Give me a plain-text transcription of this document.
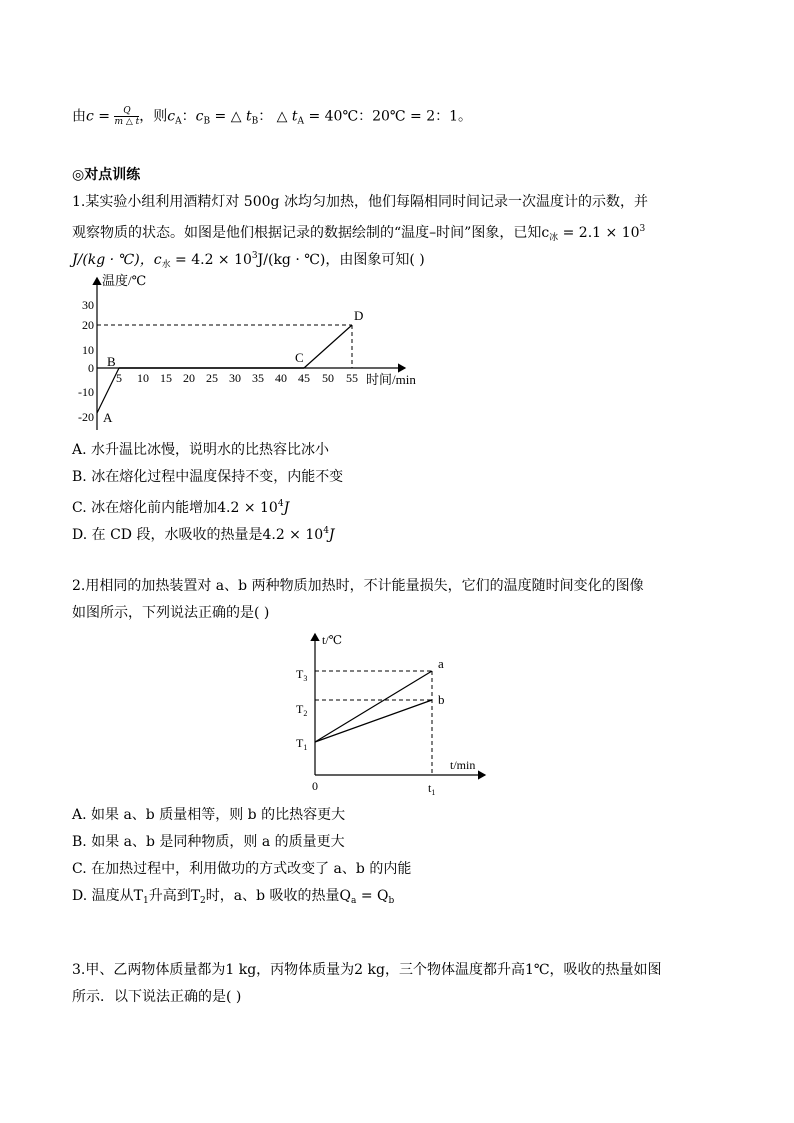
由$c = \frac{Q}{m \triangle t}$ ，则$c_A$：$c_B$ = △ $t_B$： △ $t_A$ = 40℃：20℃ = 2：1。
◎对点训练
1.某实验小组利用酒精灯对 500g 冰均匀加热，他们每隔相同时间记录一次温度计的示数，并
观察物质的状态。如图是他们根据记录的数据绘制的“温度–时间”图象，已知$c_冰 = 2.1 \times 10^3$
J/(kg · ℃)，$c_水 = 4.2 \times 10^3J/(kg$ · ℃)，由图象可知( )
温度/℃
时间/min
5 10 15 20 25 30 35 40 45 50 55
30
20
10
0
-10
-20 A
B	C
D
A. 水升温比冰慢，说明水的比热容比冰小
B. 冰在熔化过程中温度保持不变，内能不变
C. 冰在熔化前内能增加$4.2 \times 10^4J$
D. 在 CD 段，水吸收的热量是$4.2 \times 10^4J$
2.用相同的加热装置对 a、b 两种物质加热时，不计能量损失，它们的温度随时间变化的图像
如图所示，下列说法正确的是( )
t/℃
t/min
0	$t_1$
$T_3$
$T_2$
$T_1$
a
b
A. 如果 a、b 质量相等，则 b 的比热容更大
B. 如果 a、b 是同种物质，则 a 的质量更大
C. 在加热过程中，利用做功的方式改变了 a、b 的内能
D. 温度从$T_1$升高到$T_2$时，a、b 吸收的热量$Q_a = Q_b$
3.甲、乙两物体质量都为1 kg，丙物体质量为2 kg，三个物体温度都升高1℃，吸收的热量如图
所示．以下说法正确的是( )
